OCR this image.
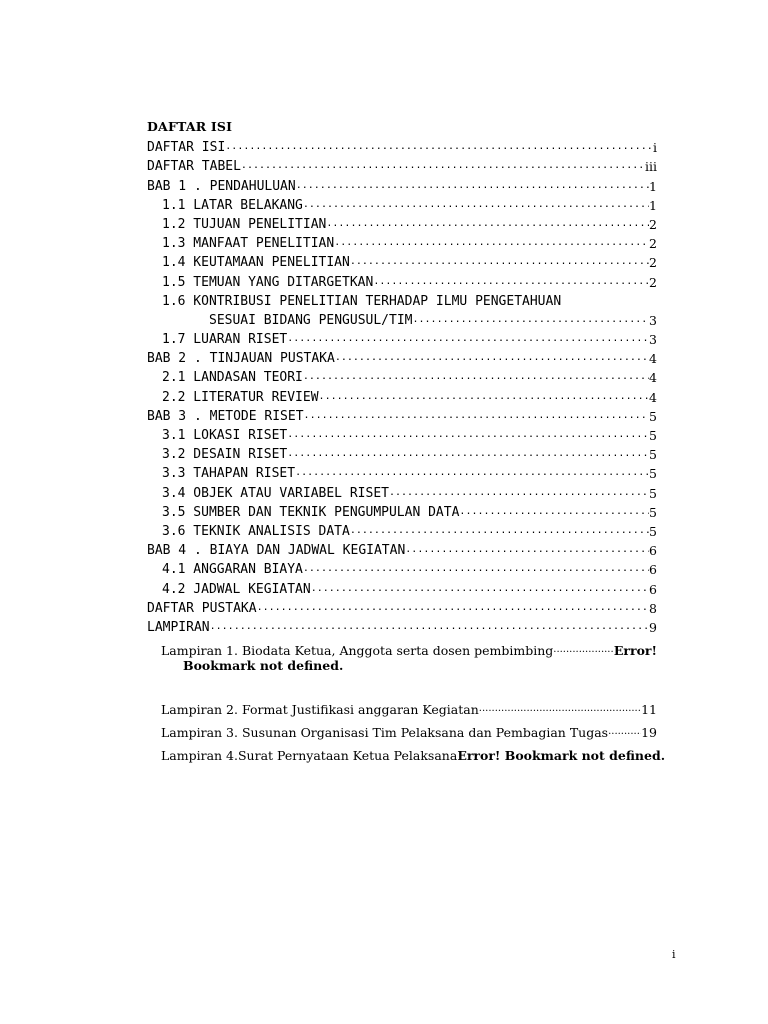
DAFTAR ISI
DAFTAR ISI .....	i
DAFTAR TABEL .....	iii
BAB 1 . PENDAHULUAN .....	1
1.1 LATAR BELAKANG .....	1
1.2 TUJUAN PENELITIAN .....	2
1.3 MANFAAT PENELITIAN .....	2
1.4 KEUTAMAAN PENELITIAN .....	2
1.5 TEMUAN YANG DITARGETKAN .....	2
1.6 KONTRIBUSI PENELITIAN TERHADAP ILMU PENGETAHUAN
SESUAI BIDANG PENGUSUL/TIM .....	3
1.7 LUARAN RISET .....	3
BAB 2 . TINJAUAN PUSTAKA .....	4
2.1 LANDASAN TEORI .....	4
2.2 LITERATUR REVIEW .....	4
BAB 3 . METODE RISET .....	5
3.1 LOKASI RISET .....	5
3.2 DESAIN RISET .....	5
3.3 TAHAPAN RISET .....	5
3.4 OBJEK ATAU VARIABEL RISET .....	5
3.5 SUMBER DAN TEKNIK PENGUMPULAN DATA .....	5
3.6 TEKNIK ANALISIS DATA .....	5
BAB 4 . BIAYA DAN JADWAL KEGIATAN .....	6
4.1 ANGGARAN BIAYA .....	6
4.2 JADWAL KEGIATAN .....	6
DAFTAR PUSTAKA .....	8
LAMPIRAN .....	9
Lampiran 1. Biodata Ketua, Anggota serta dosen pembimbing .....	Error!
Bookmark not defined.
Lampiran 2. Format Justifikasi anggaran Kegiatan .....	11
Lampiran 3. Susunan Organisasi Tim Pelaksana dan Pembagian Tugas .....	19
Lampiran 4.Surat Pernyataan Ketua Pelaksana Error! Bookmark not defined.
i
